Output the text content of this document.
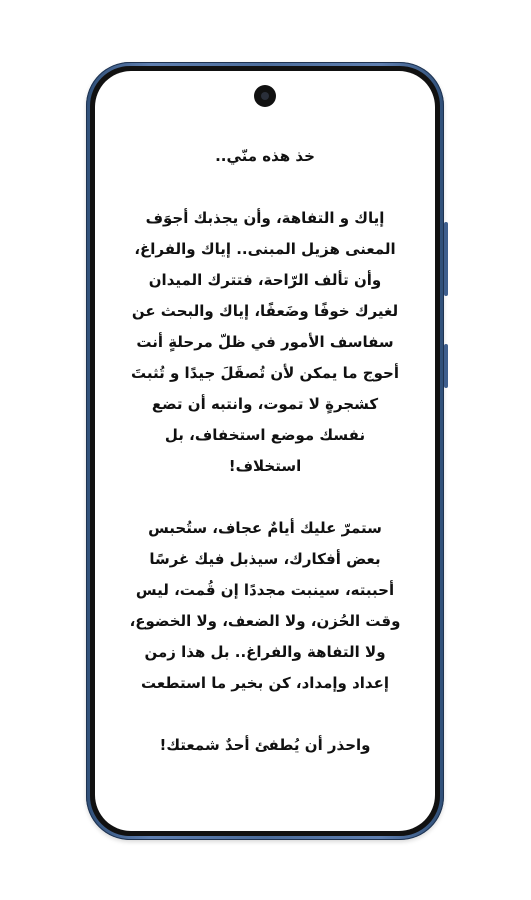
خذ هذه منّي..
إياك و التفاهة، وأن يجذبك أجوَف
المعنى هزيل المبنى.. إياك والفراغ،
وأن تألف الرّاحة، فتترك الميدان
لغيرك خوفًا وضَعفًا، إياك والبحث عن
سفاسف الأمور في ظلّ مرحلةٍ أنت
أحوج ما يمكن لأن تُصقَلَ جيدًا و تُثبتَ
كشجرةٍ لا تموت، وانتبه أن تضع
نفسك موضع استخفاف، بل
استخلاف!
ستمرّ عليك أيامٌ عجاف، ستُحبس
بعض أفكارك، سيذبل فيك غرسًا
أحببته، سينبت مجددًا إن قُمت، ليس
وقت الحُزن، ولا الضعف، ولا الخضوع،
ولا التفاهة والفراغ.. بل هذا زمن
إعداد وإمداد، كن بخير ما استطعت
واحذر أن يُطفئ أحدٌ شمعتك!
